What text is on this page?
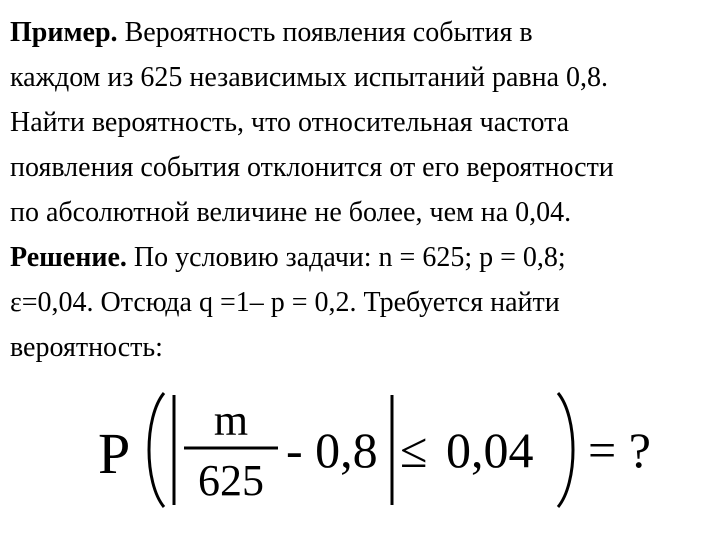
Пример. Вероятность появления события в
каждом из 625 независимых испытаний равна 0,8.
Найти вероятность, что относительная частота
появления события отклонится от его вероятности
по абсолютной величине не более, чем на 0,04.
Решение. По условию задачи: n = 625; p = 0,8;
ε=0,04. Отсюда q =1– p = 0,2. Требуется найти
вероятность:
P
m
625
- 0,8 ≤ 0,04 = ?
